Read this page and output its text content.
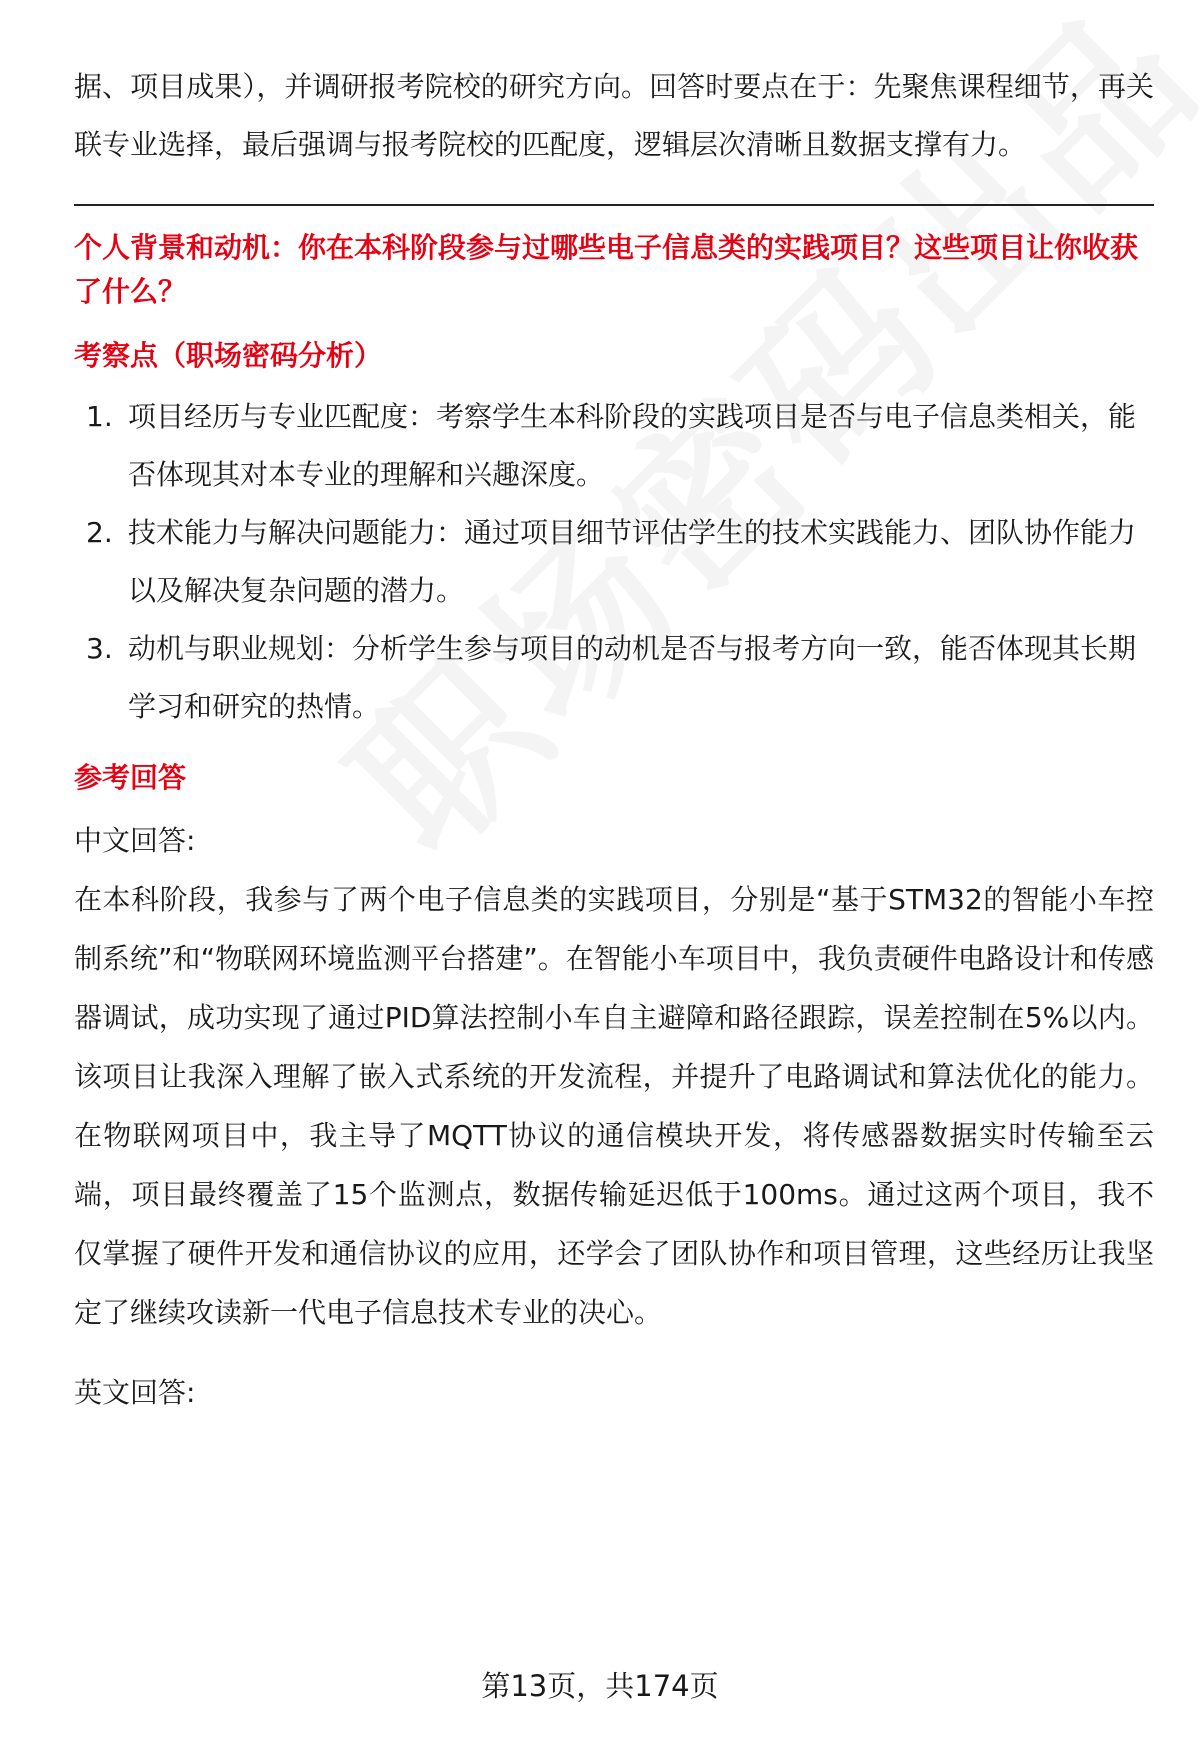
据、项目成果），并调研报考院校的研究方向。回答时要点在于：先聚焦课程细节，再关联专业选择，最后强调与报考院校的匹配度，逻辑层次清晰且数据支撑有力。

个人背景和动机：你在本科阶段参与过哪些电子信息类的实践项目？这些项目让你收获了什么？

考察点（职场密码分析）

1. 项目经历与专业匹配度：考察学生本科阶段的实践项目是否与电子信息类相关，能否体现其对本专业的理解和兴趣深度。
2. 技术能力与解决问题能力：通过项目细节评估学生的技术实践能力、团队协作能力以及解决复杂问题的潜力。
3. 动机与职业规划：分析学生参与项目的动机是否与报考方向一致，能否体现其长期学习和研究的热情。

参考回答

中文回答:

在本科阶段，我参与了两个电子信息类的实践项目，分别是“基于STM32的智能小车控制系统”和“物联网环境监测平台搭建”。在智能小车项目中，我负责硬件电路设计和传感器调试，成功实现了通过PID算法控制小车自主避障和路径跟踪，误差控制在5%以内。该项目让我深入理解了嵌入式系统的开发流程，并提升了电路调试和算法优化的能力。在物联网项目中，我主导了MQTT协议的通信模块开发，将传感器数据实时传输至云端，项目最终覆盖了15个监测点，数据传输延迟低于100ms。通过这两个项目，我不仅掌握了硬件开发和通信协议的应用，还学会了团队协作和项目管理，这些经历让我坚定了继续攻读新一代电子信息技术专业的决心。

英文回答:

第13页，共174页
